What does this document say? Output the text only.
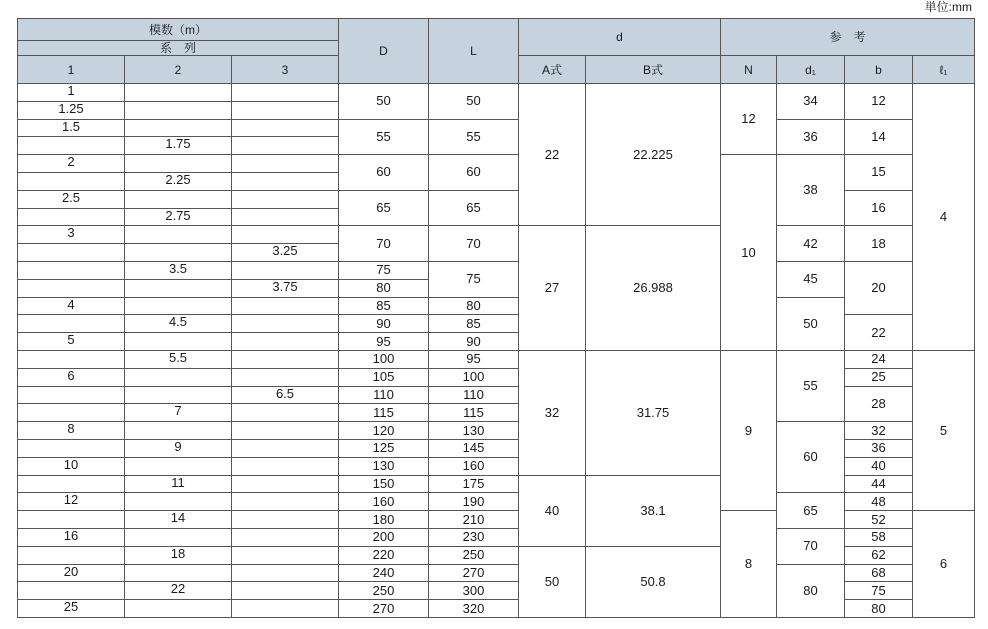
単位:mm
模数（m）			D	L	d		参　考			
系　列										
1	2	3			A式	B式	N	d₁	b	ℓ₁
1			50	50	22	22.225	12	34	12	4
1.25										
1.5			55	55				36	14	
	1.75									
2			60	60			10	38	15	
	2.25									
2.5			65	65					16	
	2.75									
3			70	70	27	26.988		42	18	
		3.25								
	3.5		75	75				45	20	
		3.75	80							
4			85	80				50		
	4.5		90	85					22	
5			95	90						
	5.5		100	95	32	31.75	9	55	24	5
6			105	100					25	
		6.5	110	110					28	
	7		115	115						
8			120	130				60	32	
	9		125	145					36	
10			130	160					40	
	11		150	175	40	38.1			44	
12			160	190				65	48	
	14		180	210			8		52	6
16			200	230				70	58	
	18		220	250	50	50.8			62	
20			240	270				80	68	
	22		250	300					75	
25			270	320					80	
